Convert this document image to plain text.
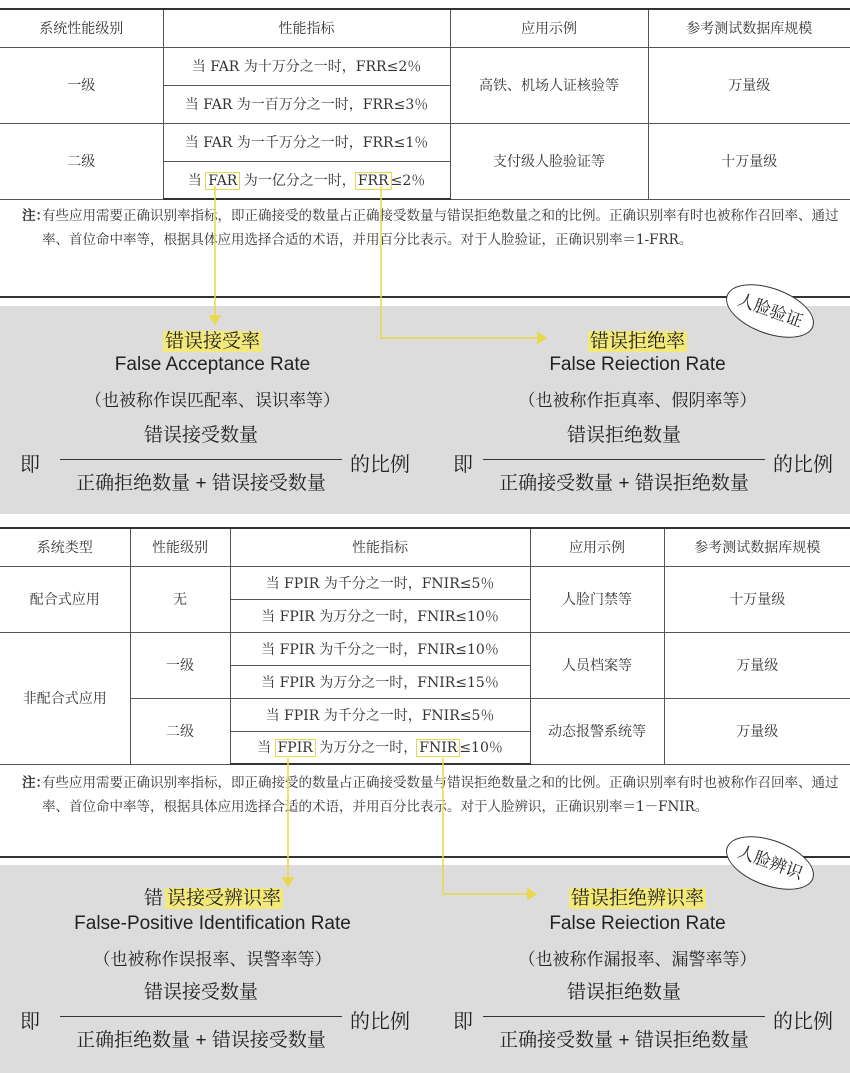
系统性能级别	性能指标	应用示例	参考测试数据库规模
一级	当 FAR 为十万分之一时，FRR≤2％	高铁、机场人证核验等	万量级
	当 FAR 为一百万分之一时，FRR≤3％		
二级	当 FAR 为一千万分之一时，FRR≤1％	支付级人脸验证等	十万量级
	当 FAR 为一亿分之一时， FRR ≤2％		
注：
有些应用需要正确识别率指标，即正确接受的数量占正确接受数量与错误拒绝数量之和的比例。正确识别率有时也被称作召回率、通过率、首位命中率等，根据具体应用选择合适的术语，并用百分比表示。对于人脸验证，正确识别率＝1-FRR。
错误接受率
False Acceptance Rate
（也被称作误匹配率、误识率等）
即
错误接受数量
正确拒绝数量 + 错误接受数量
的比例
错误拒绝率
False Reiection Rate
（也被称作拒真率、假阴率等）
即
错误拒绝数量
正确接受数量 + 错误拒绝数量
的比例
人脸验证
系统类型	性能级别	性能指标	应用示例	参考测试数据库规模
配合式应用	无	当 FPIR 为千分之一时，FNIR≤5％	人脸门禁等	十万量级
		当 FPIR 为万分之一时，FNIR≤10％		
非配合式应用	一级	当 FPIR 为千分之一时，FNIR≤10％	人员档案等	万量级
		当 FPIR 为万分之一时，FNIR≤15％		
	二级	当 FPIR 为千分之一时，FNIR≤5％	动态报警系统等	万量级
		当 FPIR 为万分之一时， FNIR ≤10％		
注：
有些应用需要正确识别率指标，即正确接受的数量占正确接受数量与错误拒绝数量之和的比例。正确识别率有时也被称作召回率、通过率、首位命中率等，根据具体应用选择合适的术语，并用百分比表示。对于人脸辨识，正确识别率＝1－FNIR。
错 误接受辨识率
False-Positive Identification Rate
（也被称作误报率、误警率等）
即
错误接受数量
正确拒绝数量 + 错误接受数量
的比例
错误拒绝辨识率
False Reiection Rate
（也被称作漏报率、漏警率等）
即
错误拒绝数量
正确接受数量 + 错误拒绝数量
的比例
人脸辨识
